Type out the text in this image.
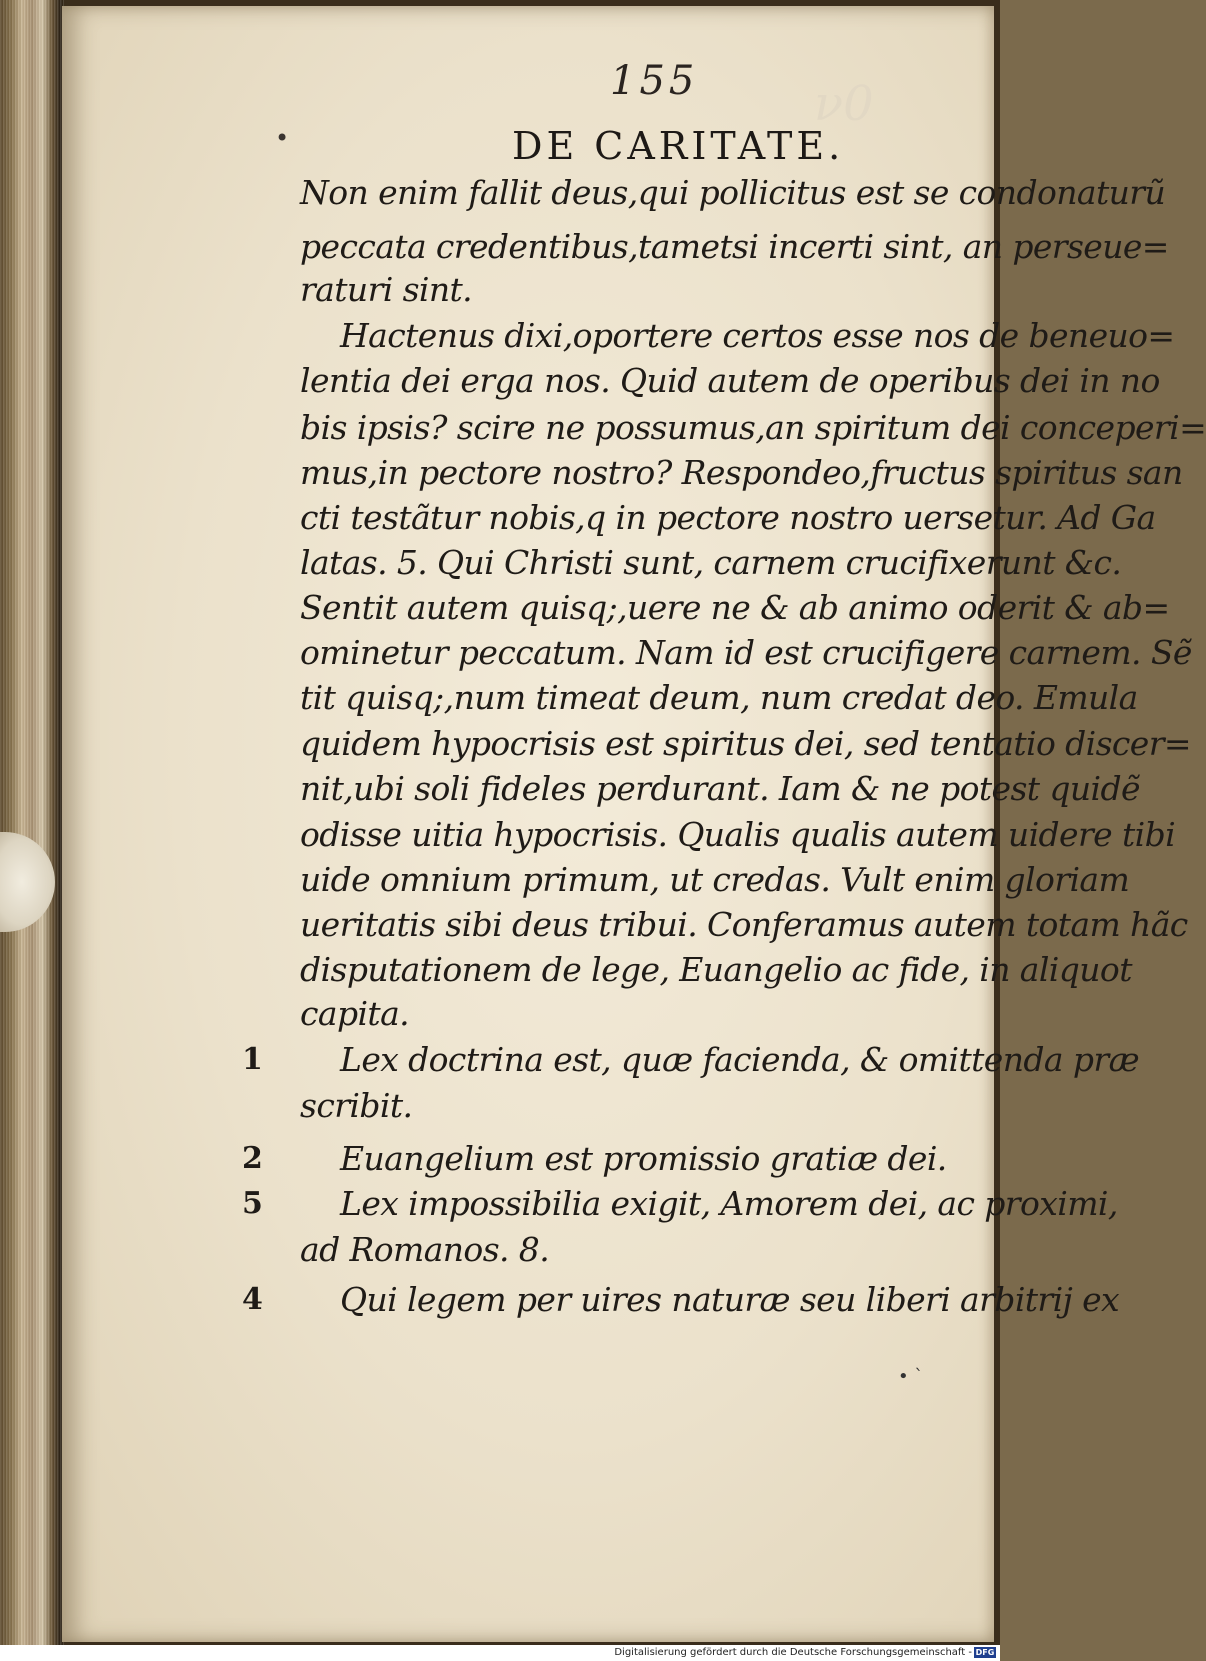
ν0
155
•	DE CARITATE.
Non enim fallit deus,qui pollicitus est se condonaturũ
peccata credentibus,tametsi incerti sint, an perseue=
raturi sint.
Hactenus dixi,oportere certos esse nos de beneuo=
lentia dei erga nos. Quid autem de operibus dei in no
bis ipsis? scire ne possumus,an spiritum dei conceperi=
mus,in pectore nostro? Respondeo,fructus spiritus san
cti testãtur nobis,q in pectore nostro uersetur. Ad Ga
latas. 5. Qui Christi sunt, carnem crucifixerunt &c.
Sentit autem quisq;,uere ne & ab animo oderit & ab=
ominetur peccatum. Nam id est crucifigere carnem. Sẽ
tit quisq;,num timeat deum, num credat deo. Emula
quidem hypocrisis est spiritus dei, sed tentatio discer=
nit,ubi soli fideles perdurant. Iam & ne potest quidẽ
odisse uitia hypocrisis. Qualis qualis autem uidere tibi
uide omnium primum, ut credas. Vult enim gloriam
ueritatis sibi deus tribui. Conferamus autem totam hãc
disputationem de lege, Euangelio ac fide, in aliquot
capita.
1 Lex doctrina est, quæ facienda, & omittenda præ
scribit.
2 Euangelium est promissio gratiæ dei.
5 Lex impossibilia exigit, Amorem dei, ac proximi,
ad Romanos. 8.
4 Qui legem per uires naturæ seu liberi arbitrij ex
• `
Digitalisierung gefördert durch die Deutsche Forschungsgemeinschaft - DFG
